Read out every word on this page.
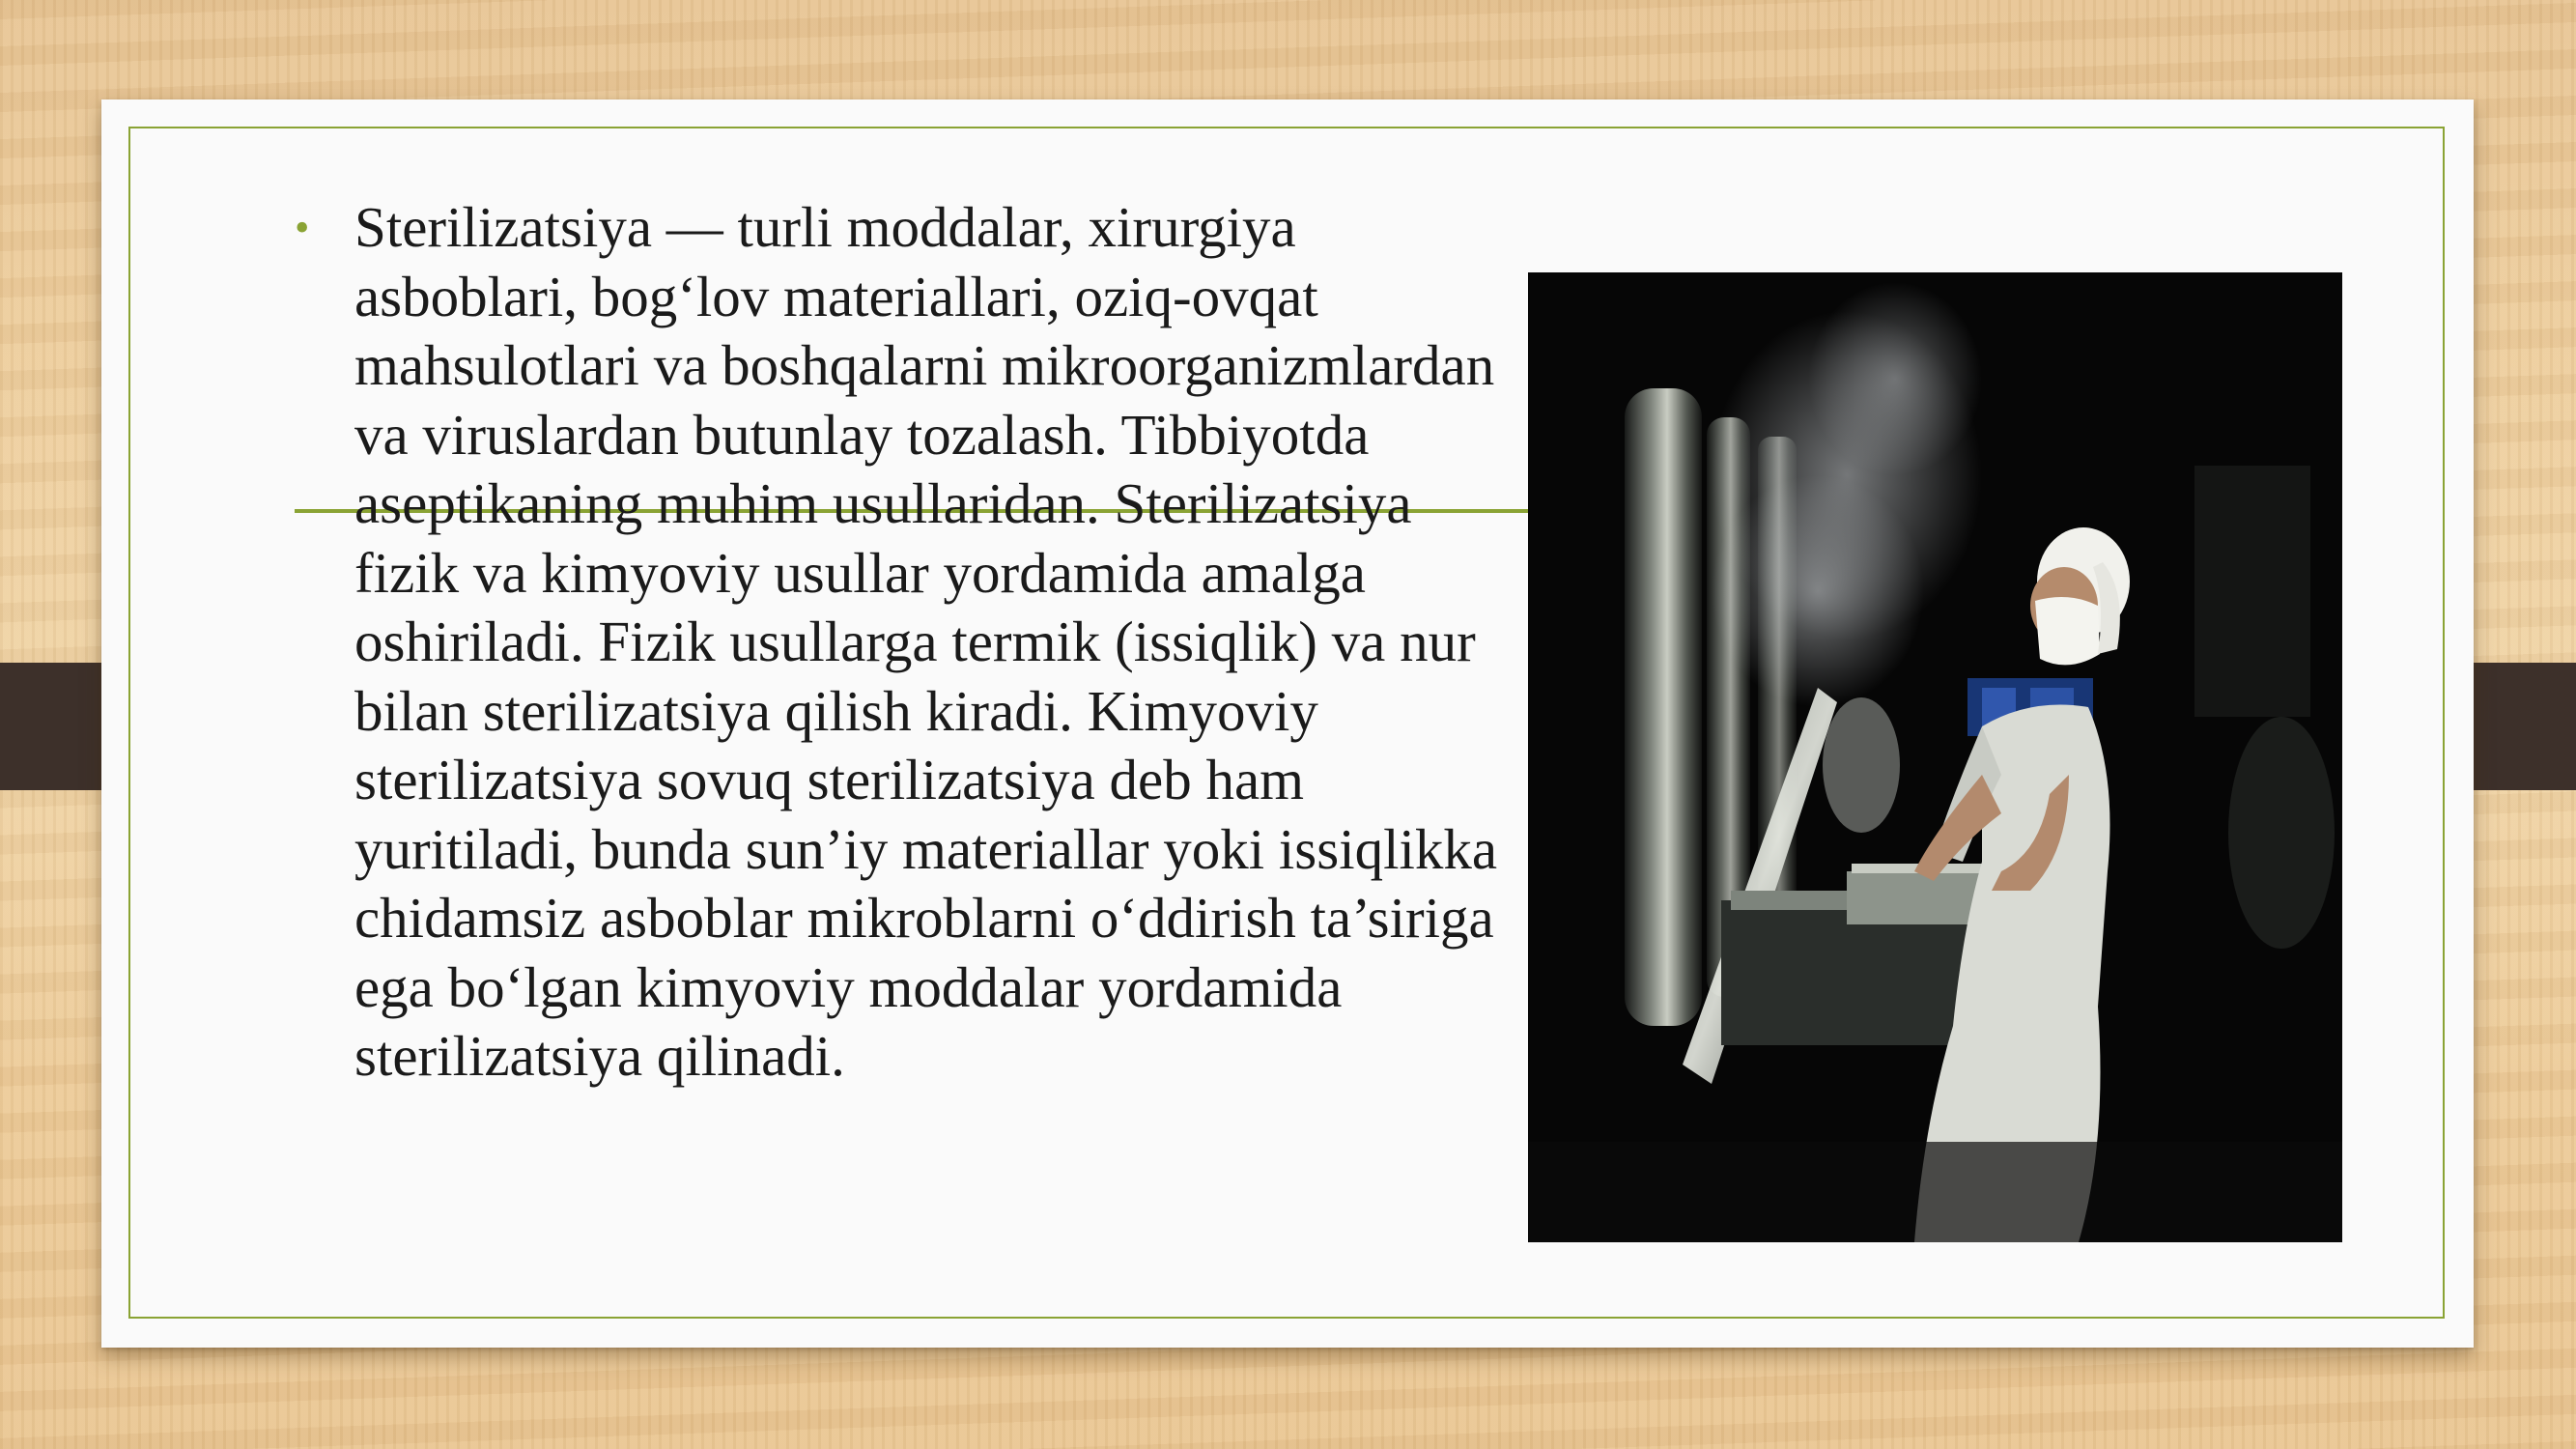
• Sterilizatsiya — turli moddalar, xirurgiya asboblari, bog‘lov materiallari, oziq-ovqat mahsulotlari va boshqalarni mikroorganizmlardan va viruslardan butunlay tozalash. Tibbiyotda aseptikaning muhim usullaridan. Sterilizatsiya fizik va kimyoviy usullar yordamida amalga oshiriladi. Fizik usullarga termik (issiqlik) va nur bilan sterilizatsiya qilish kiradi. Kimyoviy sterilizatsiya sovuq sterilizatsiya deb ham yuritiladi, bunda sun’iy materiallar yoki issiqlikka chidamsiz asboblar mikroblarni o‘ddirish ta’siriga ega bo‘lgan kimyoviy moddalar yordamida sterilizatsiya qilinadi.
